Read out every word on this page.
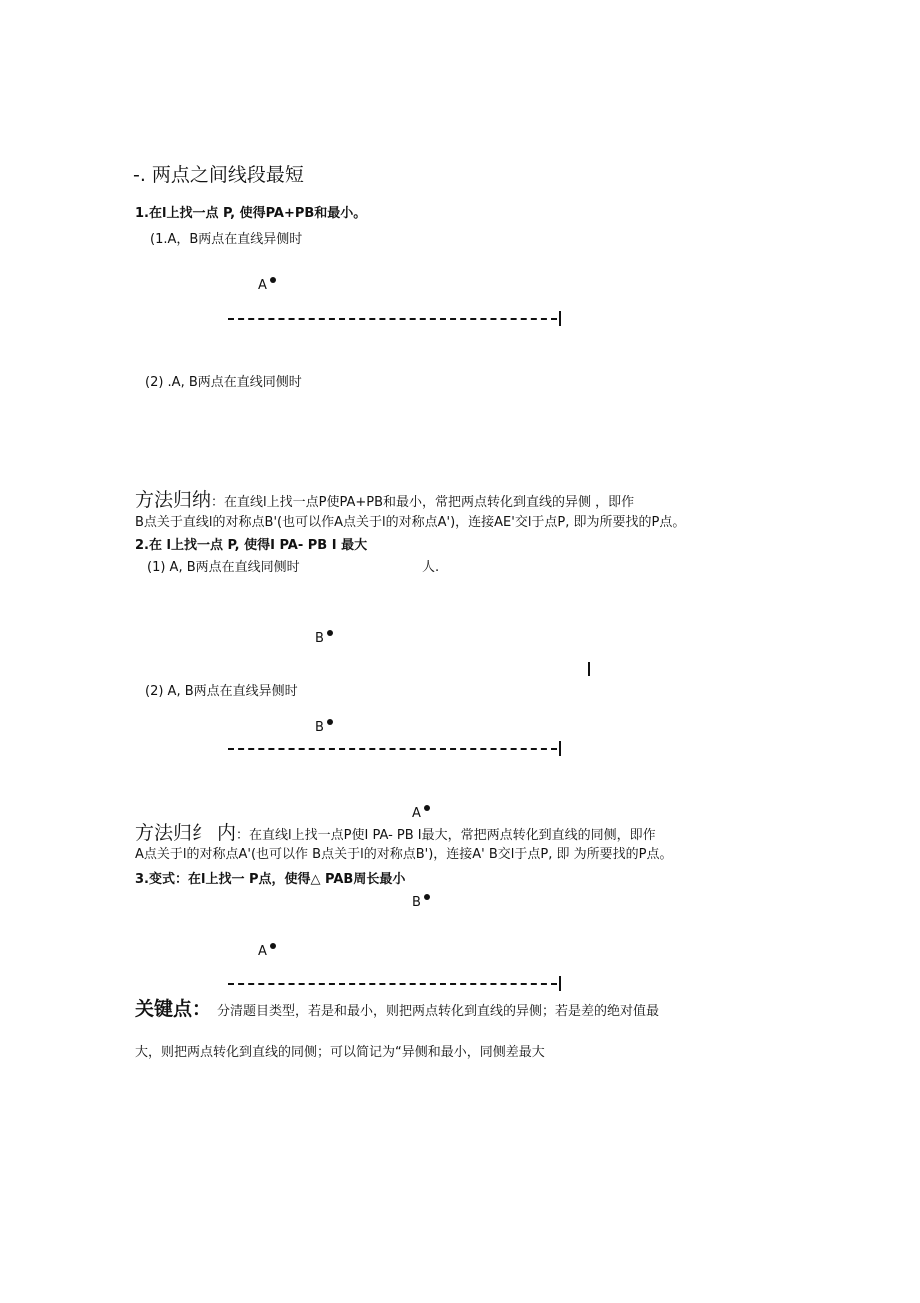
-. 两点之间线段最短
1.在l上找一点 P, 使得PA+PB和最小。
(1.A，B两点在直线异侧时
A
(2) .A, B两点在直线同侧时
方法归纳：在直线l上找一点P使PA+PB和最小，常把两点转化到直线的异侧 ，即作
B点关于直线l的对称点B'(也可以作A点关于l的对称点A')，连接AE'交l于点P, 即为所要找的P点。
2.在 l上找一点 P, 使得I PA- PB I 最大
(1) A, B两点在直线同侧时	人.
B
(2) A, B两点在直线异侧时
B
A
方法归纟 内：在直线l上找一点P使I PA- PB I最大，常把两点转化到直线的同侧，即作
A点关于l的对称点A'(也可以作 B点关于l的对称点B')，连接A' B交l于点P, 即 为所要找的P点。
3.变式：在l上找一 P点，使得△ PAB周长最小
B
A
关键点： 分清题目类型，若是和最小，则把两点转化到直线的异侧；若是差的绝对值最
大，则把两点转化到直线的同侧；可以简记为“异侧和最小，同侧差最大
